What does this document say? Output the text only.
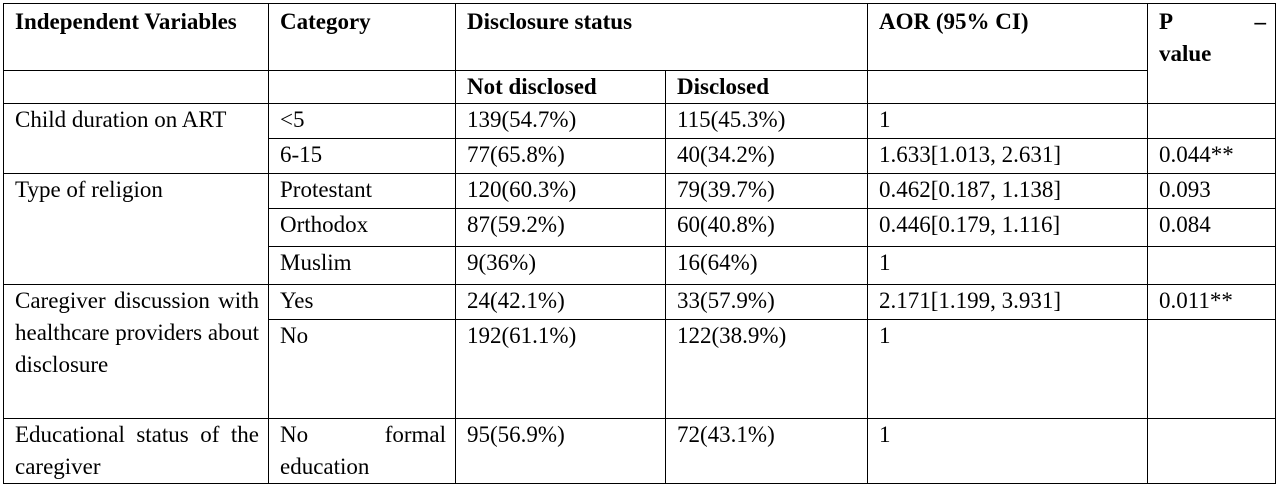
Independent Variables	Category	Disclosure status		AOR (95% CI)	P –
value

		Not disclosed	Disclosed		
Child duration on ART	<5	139(54.7%)	115(45.3%)	1	
	6-15	77(65.8%)	40(34.2%)	1.633[1.013, 2.631]	0.044**
Type of religion	Protestant	120(60.3%)	79(39.7%)	0.462[0.187, 1.138]	0.093
	Orthodox	87(59.2%)	60(40.8%)	0.446[0.179, 1.116]	0.084
	Muslim	9(36%)	16(64%)	1	
Caregiver discussion with healthcare providers about disclosure	Yes	24(42.1%)	33(57.9%)	2.171[1.199, 3.931]	0.011**
	No	192(61.1%)	122(38.9%)	1	
Educational status of the caregiver	No formal education	95(56.9%)	72(43.1%)	1	
